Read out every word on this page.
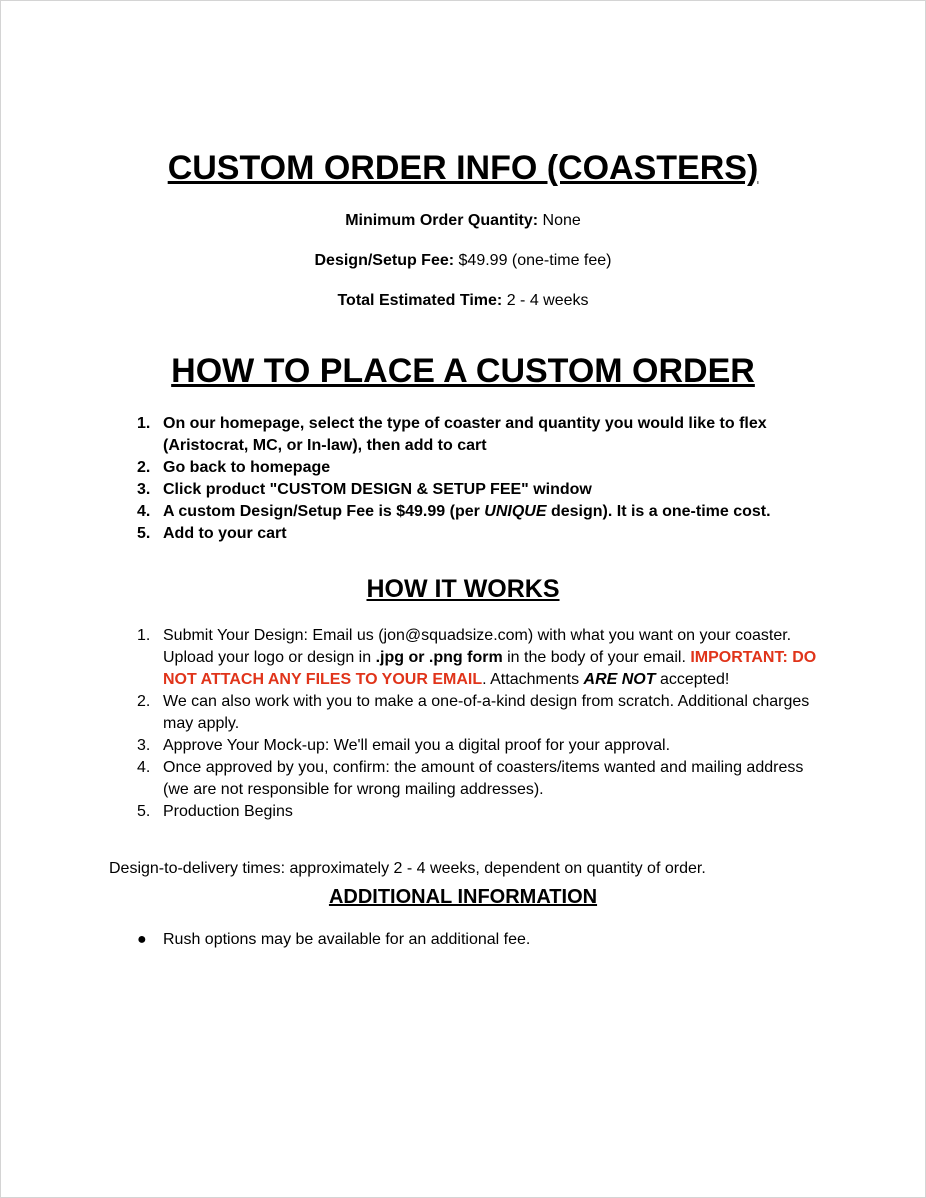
CUSTOM ORDER INFO (COASTERS)
Minimum Order Quantity: None
Design/Setup Fee: $49.99 (one-time fee)
Total Estimated Time: 2 - 4 weeks
HOW TO PLACE A CUSTOM ORDER
1. On our homepage, select the type of coaster and quantity you would like to flex (Aristocrat, MC, or In-law), then add to cart
2. Go back to homepage
3. Click product "CUSTOM DESIGN & SETUP FEE" window
4. A custom Design/Setup Fee is $49.99 (per UNIQUE design). It is a one-time cost.
5. Add to your cart
HOW IT WORKS
1. Submit Your Design: Email us (jon@squadsize.com) with what you want on your coaster. Upload your logo or design in .jpg or .png form in the body of your email. IMPORTANT: DO NOT ATTACH ANY FILES TO YOUR EMAIL. Attachments ARE NOT accepted!
2. We can also work with you to make a one-of-a-kind design from scratch. Additional charges may apply.
3. Approve Your Mock-up: We'll email you a digital proof for your approval.
4. Once approved by you, confirm: the amount of coasters/items wanted and mailing address (we are not responsible for wrong mailing addresses).
5. Production Begins

Design-to-delivery times: approximately 2 - 4 weeks, dependent on quantity of order.

ADDITIONAL INFORMATION
● Rush options may be available for an additional fee.
